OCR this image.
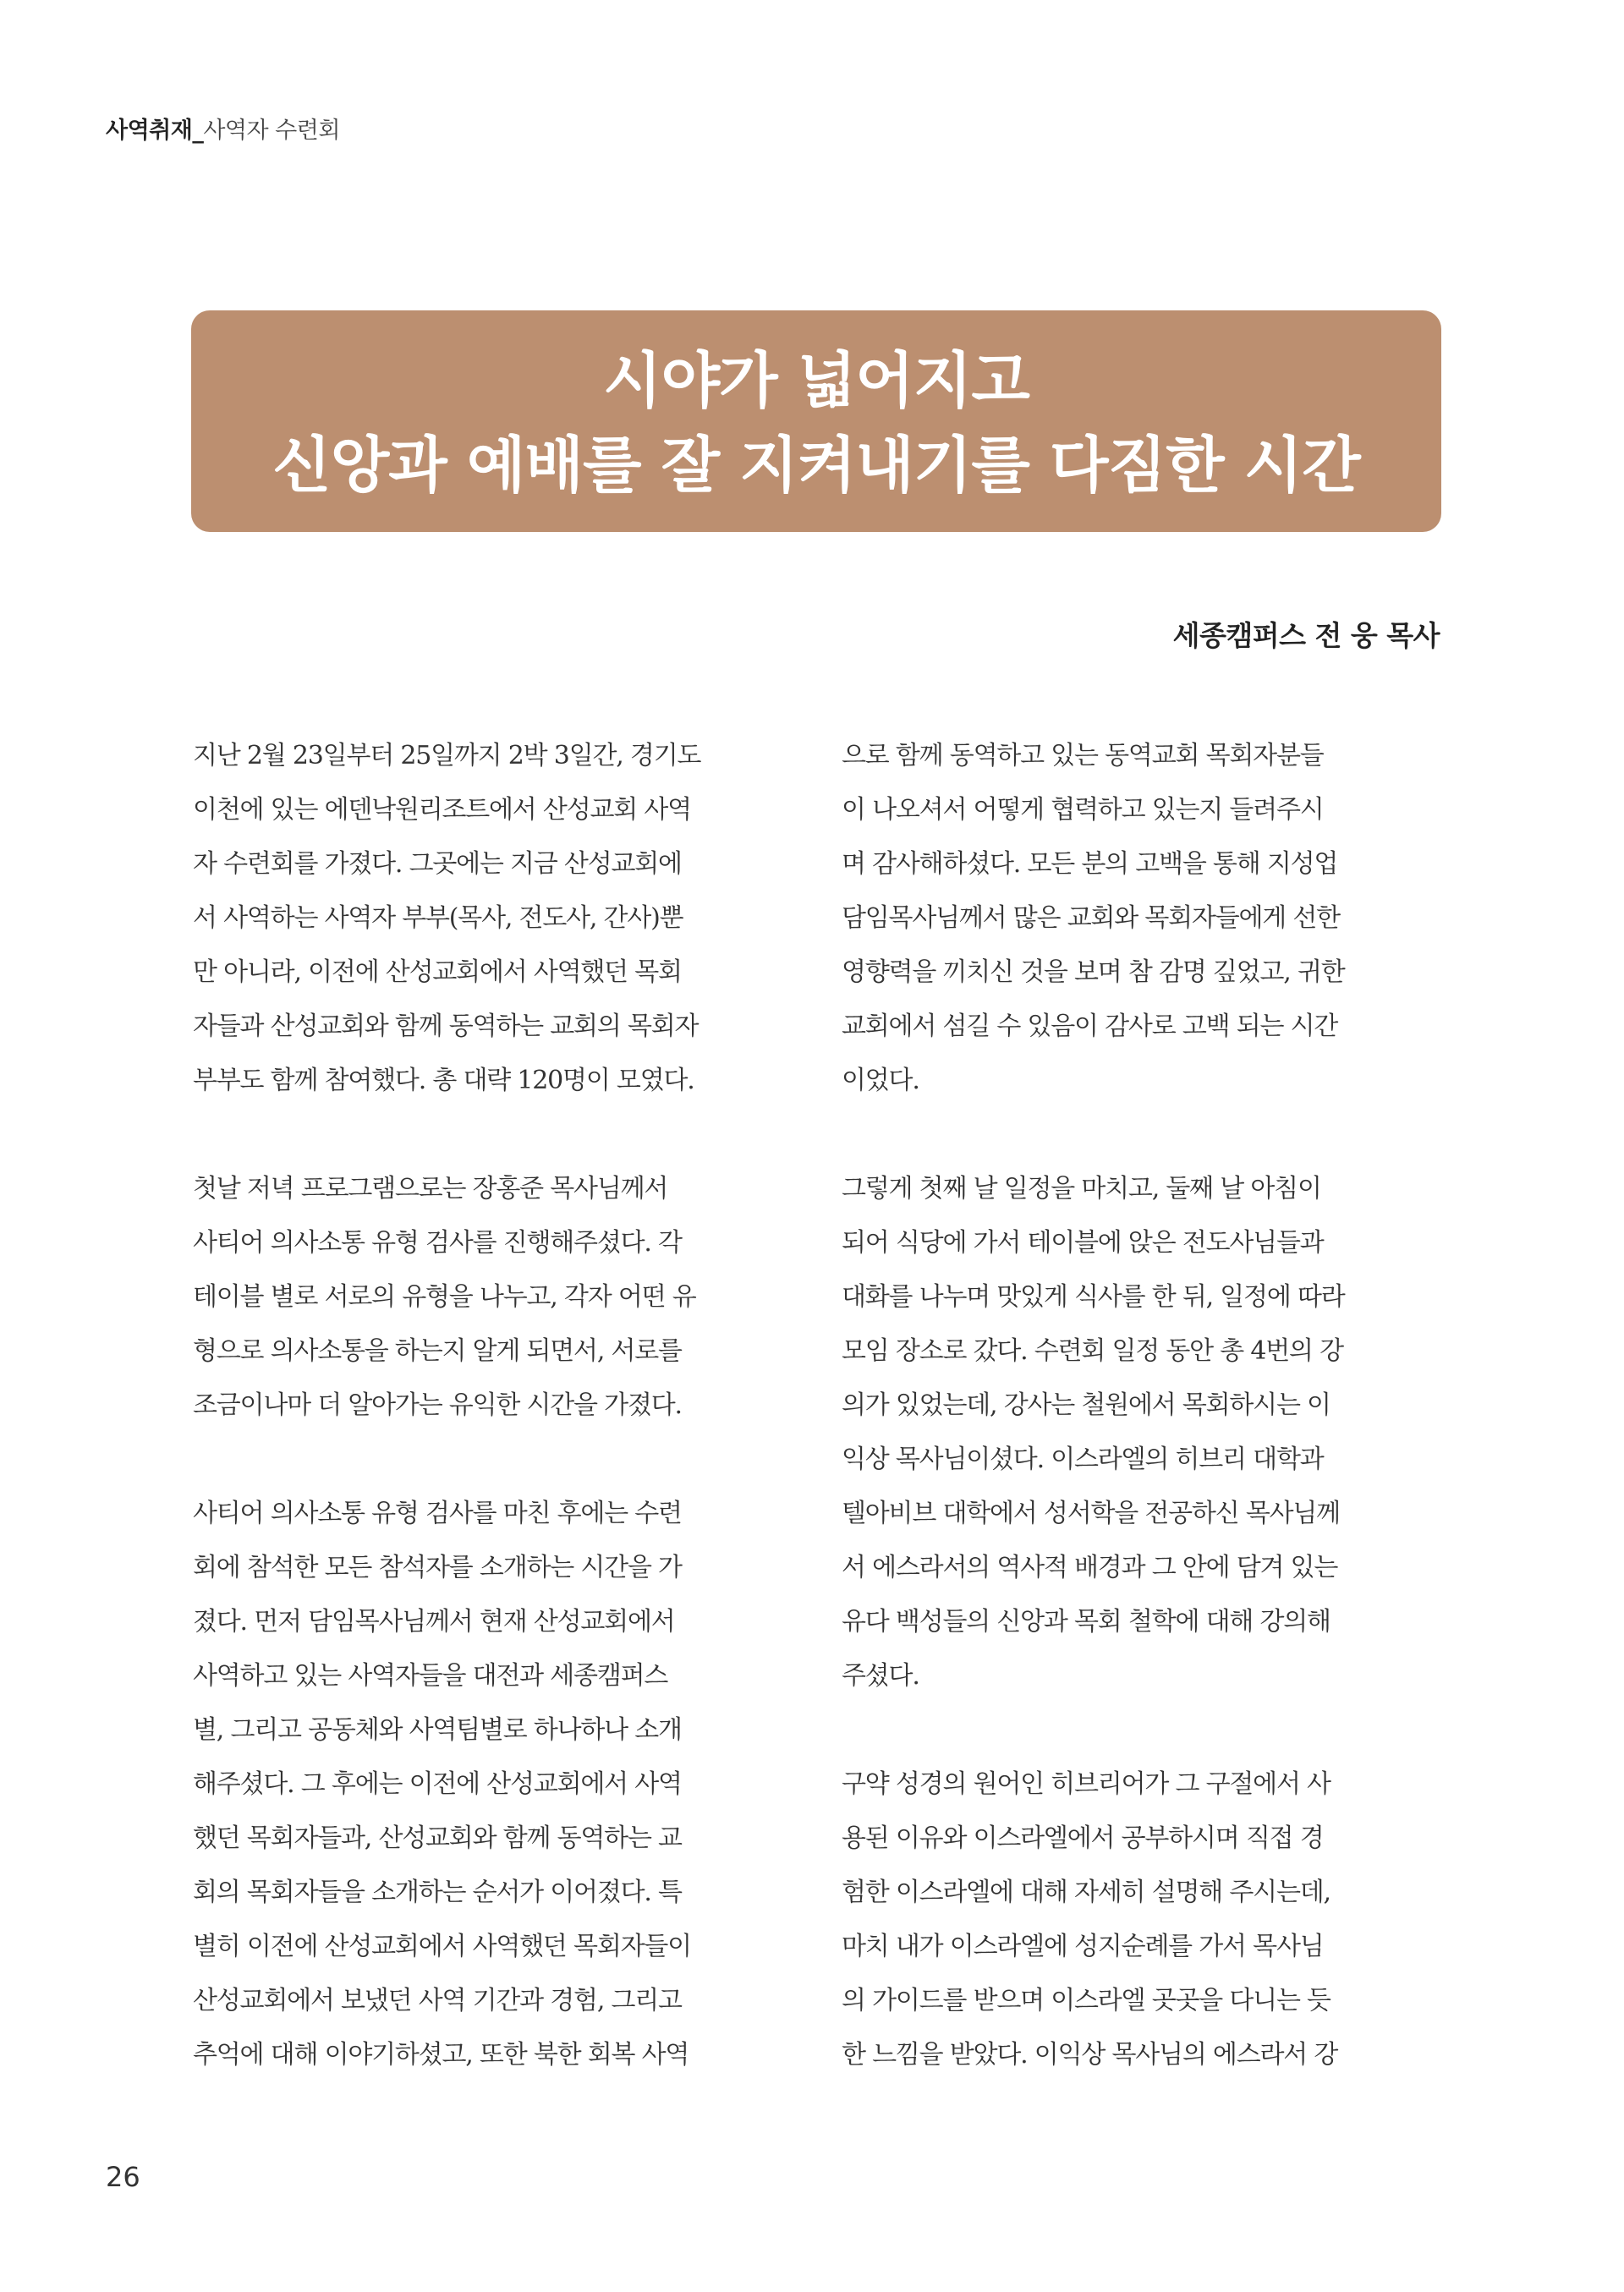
사역취재_사역자 수련회
시야가 넓어지고
신앙과 예배를 잘 지켜내기를 다짐한 시간
세종캠퍼스 전 웅 목사
지난 2월 23일부터 25일까지 2박 3일간, 경기도
이천에 있는 에덴낙원리조트에서 산성교회 사역
자 수련회를 가졌다. 그곳에는 지금 산성교회에
서 사역하는 사역자 부부(목사, 전도사, 간사)뿐
만 아니라, 이전에 산성교회에서 사역했던 목회
자들과 산성교회와 함께 동역하는 교회의 목회자
부부도 함께 참여했다. 총 대략 120명이 모였다.
첫날 저녁 프로그램으로는 장홍준 목사님께서
사티어 의사소통 유형 검사를 진행해주셨다. 각
테이블 별로 서로의 유형을 나누고, 각자 어떤 유
형으로 의사소통을 하는지 알게 되면서, 서로를
조금이나마 더 알아가는 유익한 시간을 가졌다.
사티어 의사소통 유형 검사를 마친 후에는 수련
회에 참석한 모든 참석자를 소개하는 시간을 가
졌다. 먼저 담임목사님께서 현재 산성교회에서
사역하고 있는 사역자들을 대전과 세종캠퍼스
별, 그리고 공동체와 사역팀별로 하나하나 소개
해주셨다. 그 후에는 이전에 산성교회에서 사역
했던 목회자들과, 산성교회와 함께 동역하는 교
회의 목회자들을 소개하는 순서가 이어졌다. 특
별히 이전에 산성교회에서 사역했던 목회자들이
산성교회에서 보냈던 사역 기간과 경험, 그리고
추억에 대해 이야기하셨고, 또한 북한 회복 사역
으로 함께 동역하고 있는 동역교회 목회자분들
이 나오셔서 어떻게 협력하고 있는지 들려주시
며 감사해하셨다. 모든 분의 고백을 통해 지성업
담임목사님께서 많은 교회와 목회자들에게 선한
영향력을 끼치신 것을 보며 참 감명 깊었고, 귀한
교회에서 섬길 수 있음이 감사로 고백 되는 시간
이었다.
그렇게 첫째 날 일정을 마치고, 둘째 날 아침이
되어 식당에 가서 테이블에 앉은 전도사님들과
대화를 나누며 맛있게 식사를 한 뒤, 일정에 따라
모임 장소로 갔다. 수련회 일정 동안 총 4번의 강
의가 있었는데, 강사는 철원에서 목회하시는 이
익상 목사님이셨다. 이스라엘의 히브리 대학과
텔아비브 대학에서 성서학을 전공하신 목사님께
서 에스라서의 역사적 배경과 그 안에 담겨 있는
유다 백성들의 신앙과 목회 철학에 대해 강의해
주셨다.
구약 성경의 원어인 히브리어가 그 구절에서 사
용된 이유와 이스라엘에서 공부하시며 직접 경
험한 이스라엘에 대해 자세히 설명해 주시는데,
마치 내가 이스라엘에 성지순례를 가서 목사님
의 가이드를 받으며 이스라엘 곳곳을 다니는 듯
한 느낌을 받았다. 이익상 목사님의 에스라서 강
26
